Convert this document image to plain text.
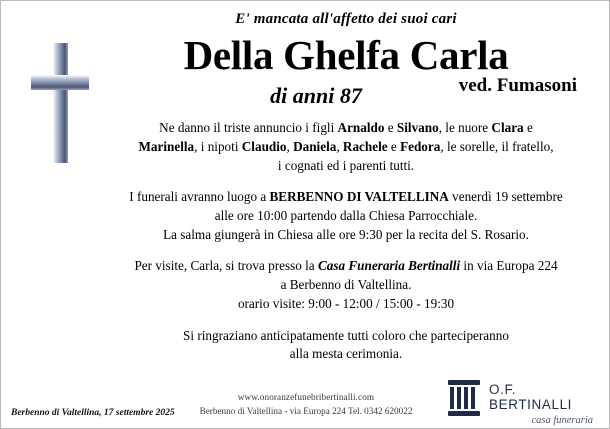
E' mancata all'affetto dei suoi cari
Della Ghelfa Carla
ved. Fumasoni
di anni 87
Ne danno il triste annuncio i figli Arnaldo e Silvano, le nuore Clara e
Marinella, i nipoti Claudio, Daniela, Rachele e Fedora, le sorelle, il fratello,
i cognati ed i parenti tutti.
I funerali avranno luogo a BERBENNO DI VALTELLINA venerdì 19 settembre
alle ore 10:00 partendo dalla Chiesa Parrocchiale.
La salma giungerà in Chiesa alle ore 9:30 per la recita del S. Rosario.
Per visite, Carla, si trova presso la Casa Funeraria Bertinalli in via Europa 224
a Berbenno di Valtellina.
orario visite: 9:00 - 12:00 / 15:00 - 19:30
Si ringraziano anticipatamente tutti coloro che parteciperanno
alla mesta cerimonia.
Berbenno di Valtellina, 17 settembre 2025
www.onoranzefunebribertinalli.com
Berbenno di Valtellina - via Europa 224 Tel. 0342 620022
O.F. BERTINALLI
casa funeraria
